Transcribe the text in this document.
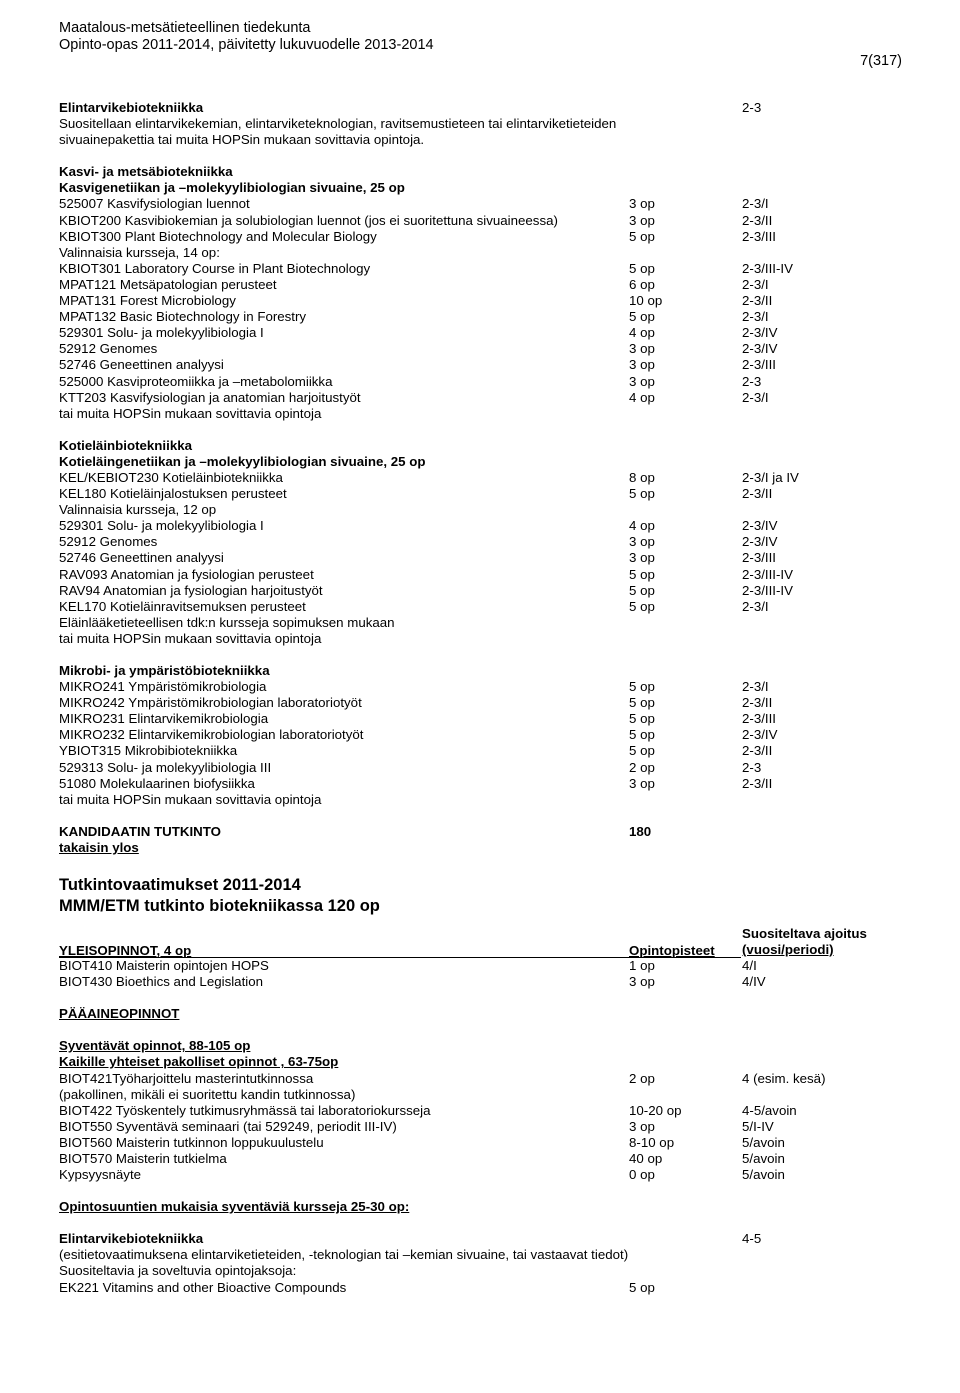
Maatalous-metsätieteellinen tiedekunta
Opinto-opas 2011-2014, päivitetty lukuvuodelle 2013-2014
7(317)
Elintarvikebiotekniikka	2-3
Suositellaan elintarvikekemian, elintarviketeknologian, ravitsemustieteen tai elintarviketieteiden
sivuainepakettia tai muita HOPSin mukaan sovittavia opintoja.
Kasvi- ja metsäbiotekniikka
Kasvigenetiikan ja –molekyylibiologian sivuaine, 25 op
525007 Kasvifysiologian luennot	3 op	2-3/I
KBIOT200 Kasvibiokemian ja solubiologian luennot (jos ei suoritettuna sivuaineessa)	3 op	2-3/II
KBIOT300 Plant Biotechnology and Molecular Biology	5 op	2-3/III
Valinnaisia kursseja, 14 op:
KBIOT301 Laboratory Course in Plant Biotechnology	5 op	2-3/III-IV
MPAT121 Metsäpatologian perusteet	6 op	2-3/I
MPAT131 Forest Microbiology	10 op	2-3/II
MPAT132 Basic Biotechnology in Forestry	5 op	2-3/I
529301 Solu- ja molekyylibiologia I	4 op	2-3/IV
52912 Genomes	3 op	2-3/IV
52746 Geneettinen analyysi	3 op	2-3/III
525000 Kasviproteomiikka ja –metabolomiikka	3 op	2-3
KTT203 Kasvifysiologian ja anatomian harjoitustyöt	4 op	2-3/I
tai muita HOPSin mukaan sovittavia opintoja
Kotieläinbiotekniikka
Kotieläingenetiikan ja –molekyylibiologian sivuaine, 25 op
KEL/KEBIOT230 Kotieläinbiotekniikka	8 op	2-3/I ja IV
KEL180 Kotieläinjalostuksen perusteet	5 op	2-3/II
Valinnaisia kursseja, 12 op
529301 Solu- ja molekyylibiologia I	4 op	2-3/IV
52912 Genomes	3 op	2-3/IV
52746 Geneettinen analyysi	3 op	2-3/III
RAV093 Anatomian ja fysiologian perusteet	5 op	2-3/III-IV
RAV94 Anatomian ja fysiologian harjoitustyöt	5 op	2-3/III-IV
KEL170 Kotieläinravitsemuksen perusteet	5 op	2-3/I
Eläinlääketieteellisen tdk:n kursseja sopimuksen mukaan
tai muita HOPSin mukaan sovittavia opintoja
Mikrobi- ja ympäristöbiotekniikka
MIKRO241 Ympäristömikrobiologia	5 op	2-3/I
MIKRO242 Ympäristömikrobiologian laboratoriotyöt	5 op	2-3/II
MIKRO231 Elintarvikemikrobiologia	5 op	2-3/III
MIKRO232 Elintarvikemikrobiologian laboratoriotyöt	5 op	2-3/IV
YBIOT315 Mikrobibiotekniikka	5 op	2-3/II
529313 Solu- ja molekyylibiologia III	2 op	2-3
51080 Molekulaarinen biofysiikka	3 op	2-3/II
tai muita HOPSin mukaan sovittavia opintoja
KANDIDAATIN TUTKINTO	180
takaisin ylos
Tutkintovaatimukset 2011-2014
MMM/ETM tutkinto biotekniikassa 120 op
YLEISOPINNOT, 4 op	Opintopisteet
Suositeltava ajoitus
(vuosi/periodi)
BIOT410 Maisterin opintojen HOPS	1 op	4/I
BIOT430 Bioethics and Legislation	3 op	4/IV
PÄÄAINEOPINNOT
Syventävät opinnot, 88-105 op
Kaikille yhteiset pakolliset opinnot , 63-75op
BIOT421Työharjoittelu masterintutkinnossa	2 op	4 (esim. kesä)
(pakollinen, mikäli ei suoritettu kandin tutkinnossa)
BIOT422 Työskentely tutkimusryhmässä tai laboratoriokursseja	10-20 op	4-5/avoin
BIOT550 Syventävä seminaari (tai 529249, periodit III-IV)	3 op	5/I-IV
BIOT560 Maisterin tutkinnon loppukuulustelu	8-10 op	5/avoin
BIOT570 Maisterin tutkielma	40 op	5/avoin
Kypsyysnäyte	0 op	5/avoin
Opintosuuntien mukaisia syventäviä kursseja 25-30 op:
Elintarvikebiotekniikka	4-5
(esitietovaatimuksena elintarviketieteiden, -teknologian tai –kemian sivuaine, tai vastaavat tiedot)
Suositeltavia ja soveltuvia opintojaksoja:
EK221 Vitamins and other Bioactive Compounds	5 op
